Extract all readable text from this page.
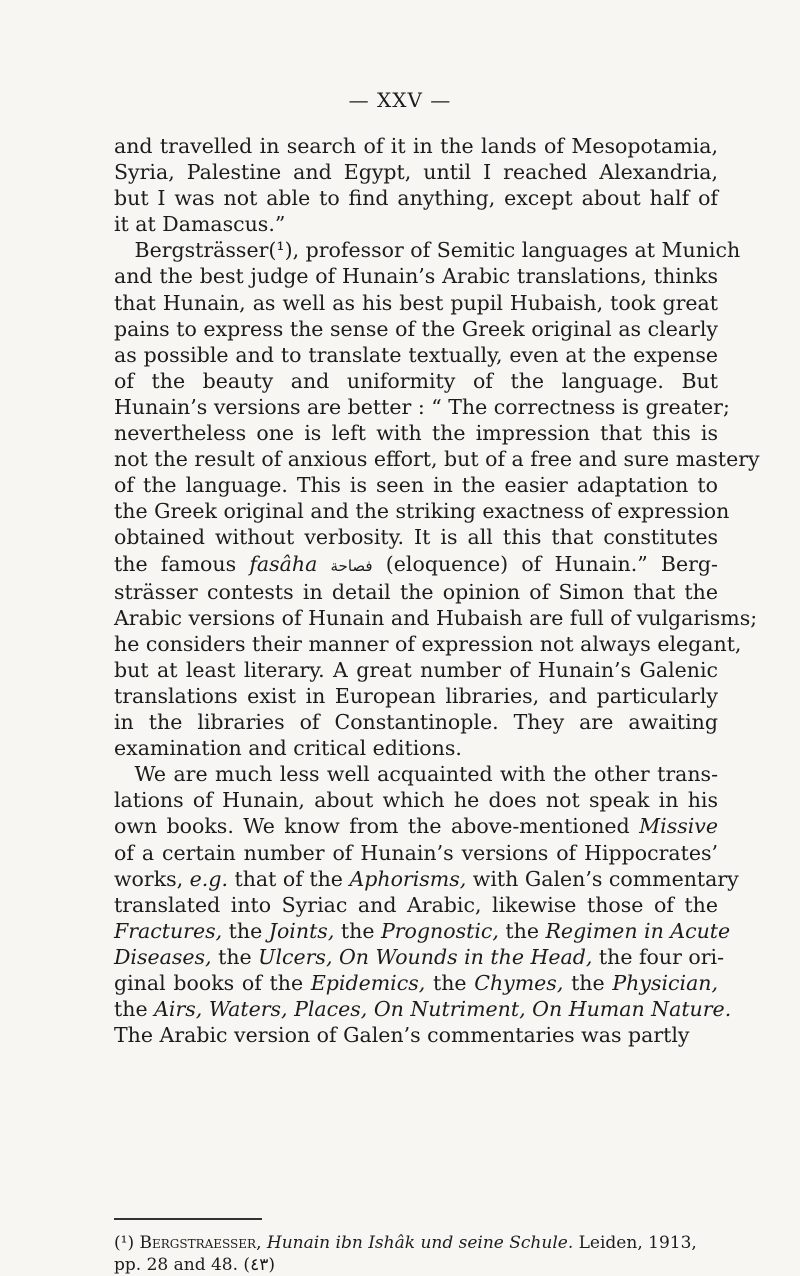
— XXV —
and travelled in search of it in the lands of Mesopotamia,
Syria, Palestine and Egypt, until I reached Alexandria,
but I was not able to find anything, except about half of
it at Damascus.”
 Bergsträsser(¹), professor of Semitic languages at Munich
and the best judge of Hunain’s Arabic translations, thinks
that Hunain, as well as his best pupil Hubaish, took great
pains to express the sense of the Greek original as clearly
as possible and to translate textually, even at the expense
of the beauty and uniformity of the language. But
Hunain’s versions are better : “ The correctness is greater;
nevertheless one is left with the impression that this is
not the result of anxious effort, but of a free and sure mastery
of the language. This is seen in the easier adaptation to
the Greek original and the striking exactness of expression
obtained without verbosity. It is all this that constitutes
the famous fasâha فصاحة (eloquence) of Hunain.” Berg-
strässer contests in detail the opinion of Simon that the
Arabic versions of Hunain and Hubaish are full of vulgarisms;
he considers their manner of expression not always elegant,
but at least literary. A great number of Hunain’s Galenic
translations exist in European libraries, and particularly
in the libraries of Constantinople. They are awaiting
examination and critical editions.
 We are much less well acquainted with the other trans-
lations of Hunain, about which he does not speak in his
own books. We know from the above-mentioned Missive
of a certain number of Hunain’s versions of Hippocrates’
works, e.g. that of the Aphorisms, with Galen’s commentary
translated into Syriac and Arabic, likewise those of the
Fractures, the Joints, the Prognostic, the Regimen in Acute
Diseases, the Ulcers, On Wounds in the Head, the four ori-
ginal books of the Epidemics, the Chymes, the Physician,
the Airs, Waters, Places, On Nutriment, On Human Nature.
The Arabic version of Galen’s commentaries was partly
(¹) Bergstraesser, Hunain ibn Ishâk und seine Schule. Leiden, 1913,
pp. 28 and 48. (٤٣)
